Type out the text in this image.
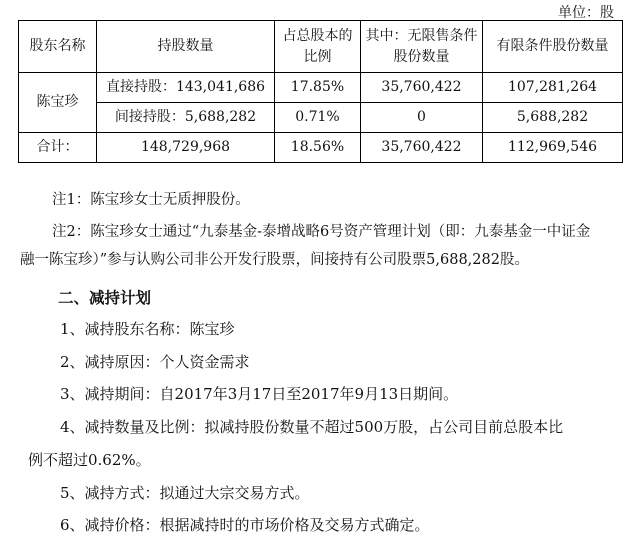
单位：股
股东名称	持股数量	占总股本的比例	其中：无限售条件股份数量	有限条件股份数量
陈宝珍	直接持股：143,041,686	17.85%	35,760,422	107,281,264
	间接持股：5,688,282	0.71%	0	5,688,282
合计：	148,729,968	18.56%	35,760,422	112,969,546
注1：陈宝珍女士无质押股份。
注2：陈宝珍女士通过“九泰基金-泰增战略6号资产管理计划（即：九泰基金一中证金
融一陈宝珍）”参与认购公司非公开发行股票，间接持有公司股票5,688,282股。
二、减持计划
1、减持股东名称：陈宝珍
2、减持原因：个人资金需求
3、减持期间：自2017年3月17日至2017年9月13日期间。
4、减持数量及比例：拟减持股份数量不超过500万股，占公司目前总股本比
例不超过0.62%。
5、减持方式：拟通过大宗交易方式。
6、减持价格：根据减持时的市场价格及交易方式确定。
